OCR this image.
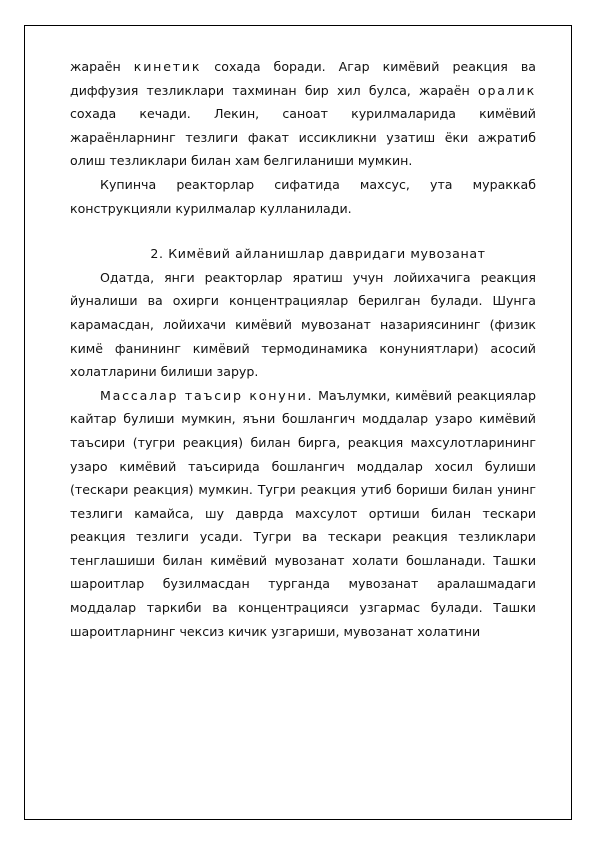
жараён кинетик сохада боради. Агар кимёвий реакция ва диффузия тезликлари тахминан бир хил булса, жараён оралик сохада кечади. Лекин, саноат курилмаларида кимёвий жараёнларнинг тезлиги факат иссикликни узатиш ёки ажратиб олиш тезликлари билан хам белгиланиши мумкин.

Купинча реакторлар сифатида махсус, ута мураккаб конструкцияли курилмалар кулланилади.

2. Кимёвий айланишлар давридаги мувозанат

Одатда, янги реакторлар яратиш учун лойихачига реакция йуналиши ва охирги концентрациялар берилган булади. Шунга карамасдан, лойихачи кимёвий мувозанат назариясининг (физик кимё фанининг кимёвий термодинамика конуниятлари) асосий холатларини билиши зарур.

Массалар таъсир конуни. Маълумки, кимёвий реакциялар кайтар булиши мумкин, яъни бошлангич моддалар узаро кимёвий таъсири (тугри реакция) билан бирга, реакция махсулотларининг узаро кимёвий таъсирида бошлангич моддалар хосил булиши (тескари реакция) мумкин. Тугри реакция утиб бориши билан унинг тезлиги камайса, шу даврда махсулот ортиши билан тескари реакция тезлиги усади. Тугри ва тескари реакция тезликлари тенглашиши билан кимёвий мувозанат холати бошланади. Ташки шароитлар бузилмасдан турганда мувозанат аралашмадаги моддалар таркиби ва концентрацияси узгармас булади. Ташки шароитларнинг чексиз кичик узгариши, мувозанат холатини
